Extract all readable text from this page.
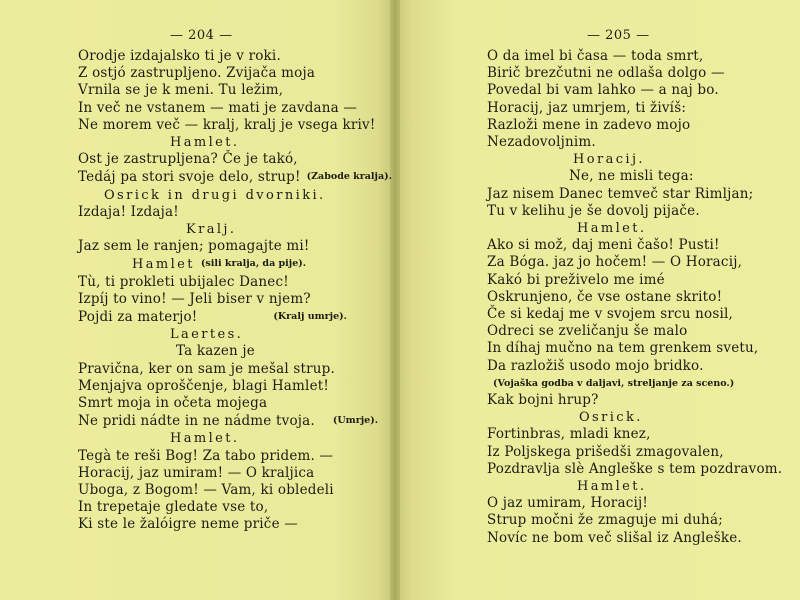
— 204 —
Orodje izdajalsko ti je v roki.
Z ostjó zastrupljeno. Zvijača moja
Vrnila se je k meni. Tu ležim,
In več ne vstanem — mati je zavdana —
Ne morem več — kralj, kralj je vsega kriv!
Hamlet.
Ost je zastrupljena? Če je takó,
Tedáj pa stori svoje delo, strup! (Zabode kralja).
Osrick in drugi dvorniki.
Izdaja! Izdaja!
Kralj.
Jaz sem le ranjen; pomagajte mi!
Hamlet (sili kralja, da pije).
Tù, ti prokleti ubijalec Danec!
Izpíj to vino! — Jeli biser v njem?
Pojdi za materjo!	(Kralj umrje).
Laertes.
Ta kazen je
Pravična, ker on sam je mešal strup.
Menjajva oproščenje, blagi Hamlet!
Smrt moja in očeta mojega
Ne pridi nádte in ne nádme tvoja. (Umrje).
Hamlet.
Tegà te reši Bog! Za tabo pridem. —
Horacij, jaz umiram! — O kraljica
Uboga, z Bogom! — Vam, ki obledeli
In trepetaje gledate vse to,
Ki ste le žalóigre neme priče —
— 205 —
O da imel bi časa — toda smrt,
Birič brezčutni ne odlaša dolgo —
Povedal bi vam lahko — a naj bo.
Horacij, jaz umrjem, ti živíš:
Razloži mene in zadevo mojo
Nezadovoljnim.
Horacij.
Ne, ne misli tega:
Jaz nisem Danec temveč star Rimljan;
Tu v kelihu je še dovolj pijače.
Hamlet.
Ako si mož, daj meni čašo! Pusti!
Za Bóga. jaz jo hočem! — O Horacij,
Kakó bi preživelo me imé
Oskrunjeno, če vse ostane skrito!
Če si kedaj me v svojem srcu nosil,
Odreci se zveličanju še malo
In díhaj mučno na tem grenkem svetu,
Da razložiš usodo mojo bridko.
(Vojaška godba v daljavi, streljanje za sceno.)
Kak bojni hrup?
Osrick.
Fortinbras, mladi knez,
Iz Poljskega prišedši zmagovalen,
Pozdravlja slè Angleške s tem pozdravom.
Hamlet.
O jaz umiram, Horacij!
Strup močni že zmaguje mi duhá;
Novíc ne bom več slišal iz Angleške.
